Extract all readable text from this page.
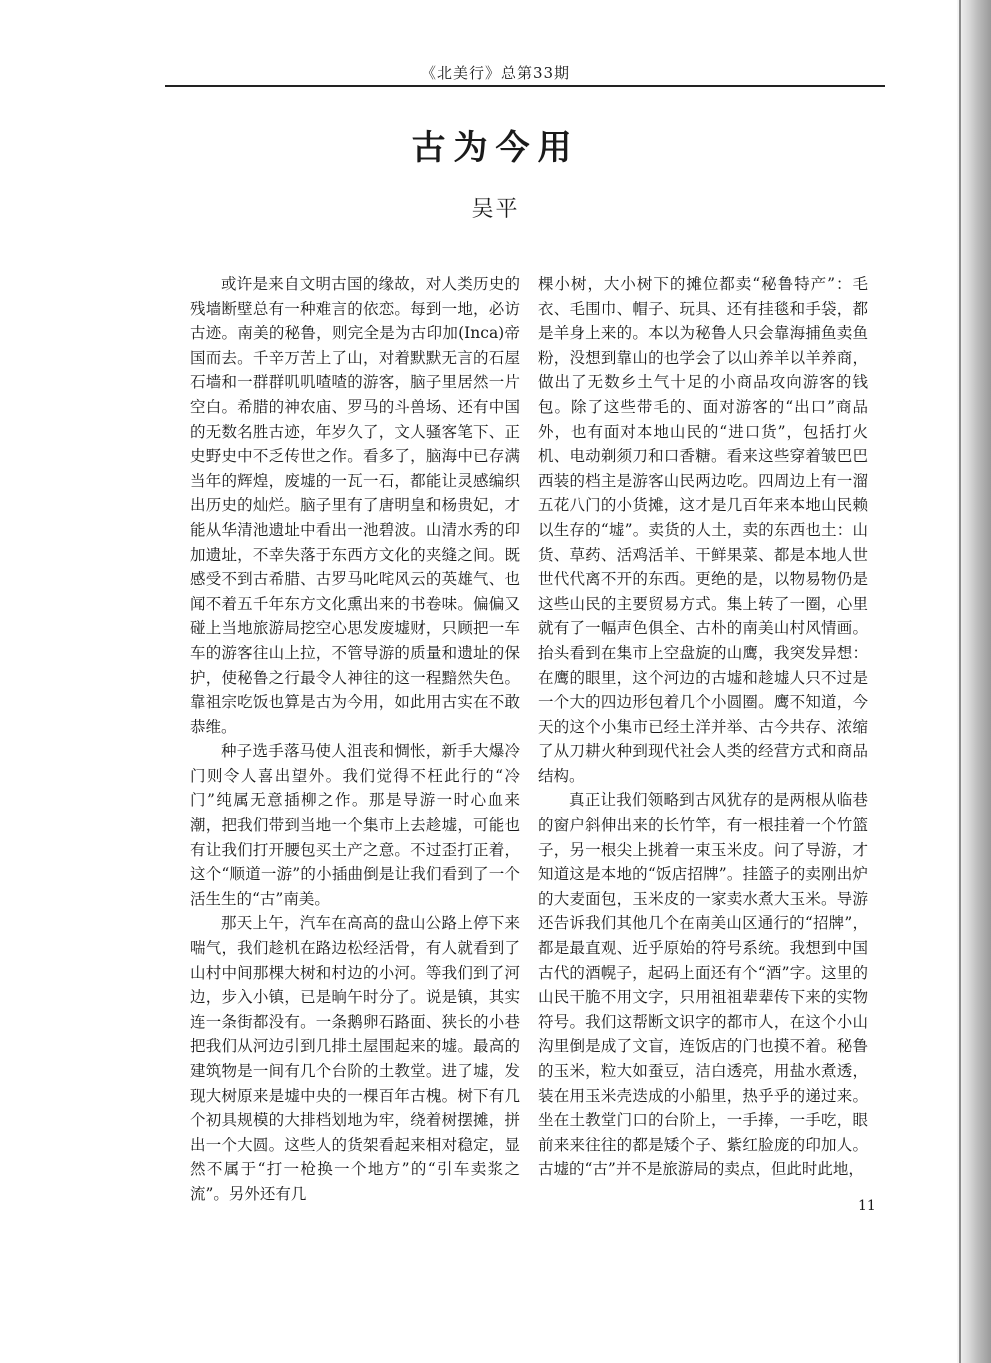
《北美行》总第33期
古为今用
吴平

或许是来自文明古国的缘故，对人类历史的残墙断壁总有一种难言的依恋。每到一地，必访古迹。南美的秘鲁，则完全是为古印加(Inca)帝国而去。千辛万苦上了山，对着默默无言的石屋石墙和一群群叽叽喳喳的游客，脑子里居然一片空白。希腊的神农庙、罗马的斗兽场、还有中国的无数名胜古迹，年岁久了，文人骚客笔下、正史野史中不乏传世之作。看多了，脑海中已存满当年的辉煌，废墟的一瓦一石，都能让灵感编织出历史的灿烂。脑子里有了唐明皇和杨贵妃，才能从华清池遗址中看出一池碧波。山清水秀的印加遗址，不幸失落于东西方文化的夹缝之间。既感受不到古希腊、古罗马叱咤风云的英雄气、也闻不着五千年东方文化熏出来的书卷味。偏偏又碰上当地旅游局挖空心思发废墟财，只顾把一车车的游客往山上拉，不管导游的质量和遗址的保护，使秘鲁之行最令人神往的这一程黯然失色。靠祖宗吃饭也算是古为今用，如此用古实在不敢恭维。

种子选手落马使人沮丧和惆怅，新手大爆冷门则令人喜出望外。我们觉得不枉此行的“冷门”纯属无意插柳之作。那是导游一时心血来潮，把我们带到当地一个集市上去趁墟，可能也有让我们打开腰包买土产之意。不过歪打正着，这个“顺道一游”的小插曲倒是让我们看到了一个活生生的“古”南美。

那天上午，汽车在高高的盘山公路上停下来喘气，我们趁机在路边松经活骨，有人就看到了山村中间那棵大树和村边的小河。等我们到了河边，步入小镇，已是晌午时分了。说是镇，其实连一条街都没有。一条鹅卵石路面、狭长的小巷把我们从河边引到几排土屋围起来的墟。最高的建筑物是一间有几个台阶的土教堂。进了墟，发现大树原来是墟中央的一棵百年古槐。树下有几个初具规模的大排档划地为牢，绕着树摆摊，拼出一个大圆。这些人的货架看起来相对稳定，显然不属于“打一枪换一个地方”的“引车卖浆之流”。另外还有几

棵小树，大小树下的摊位都卖“秘鲁特产”：毛衣、毛围巾、帽子、玩具、还有挂毯和手袋，都是羊身上来的。本以为秘鲁人只会靠海捕鱼卖鱼粉，没想到靠山的也学会了以山养羊以羊养商，做出了无数乡土气十足的小商品攻向游客的钱包。除了这些带毛的、面对游客的“出口”商品外，也有面对本地山民的“进口货”，包括打火机、电动剃须刀和口香糖。看来这些穿着皱巴巴西装的档主是游客山民两边吃。四周边上有一溜五花八门的小货摊，这才是几百年来本地山民赖以生存的“墟”。卖货的人土，卖的东西也土：山货、草药、活鸡活羊、干鲜果菜、都是本地人世世代代离不开的东西。更绝的是，以物易物仍是这些山民的主要贸易方式。集上转了一圈，心里就有了一幅声色俱全、古朴的南美山村风情画。抬头看到在集市上空盘旋的山鹰，我突发异想：在鹰的眼里，这个河边的古墟和趁墟人只不过是一个大的四边形包着几个小圆圈。鹰不知道，今天的这个小集市已经土洋并举、古今共存、浓缩了从刀耕火种到现代社会人类的经营方式和商品结构。

真正让我们领略到古风犹存的是两根从临巷的窗户斜伸出来的长竹竿，有一根挂着一个竹篮子，另一根尖上挑着一束玉米皮。问了导游，才知道这是本地的“饭店招牌”。挂篮子的卖刚出炉的大麦面包，玉米皮的一家卖水煮大玉米。导游还告诉我们其他几个在南美山区通行的“招牌”，都是最直观、近乎原始的符号系统。我想到中国古代的酒幌子，起码上面还有个“酒”字。这里的山民干脆不用文字，只用祖祖辈辈传下来的实物符号。我们这帮断文识字的都市人，在这个小山沟里倒是成了文盲，连饭店的门也摸不着。秘鲁的玉米，粒大如蚕豆，洁白透亮，用盐水煮透，装在用玉米壳迭成的小船里，热乎乎的递过来。坐在土教堂门口的台阶上，一手捧，一手吃，眼前来来往往的都是矮个子、紫红脸庞的印加人。古墟的“古”并不是旅游局的卖点，但此时此地，

11
